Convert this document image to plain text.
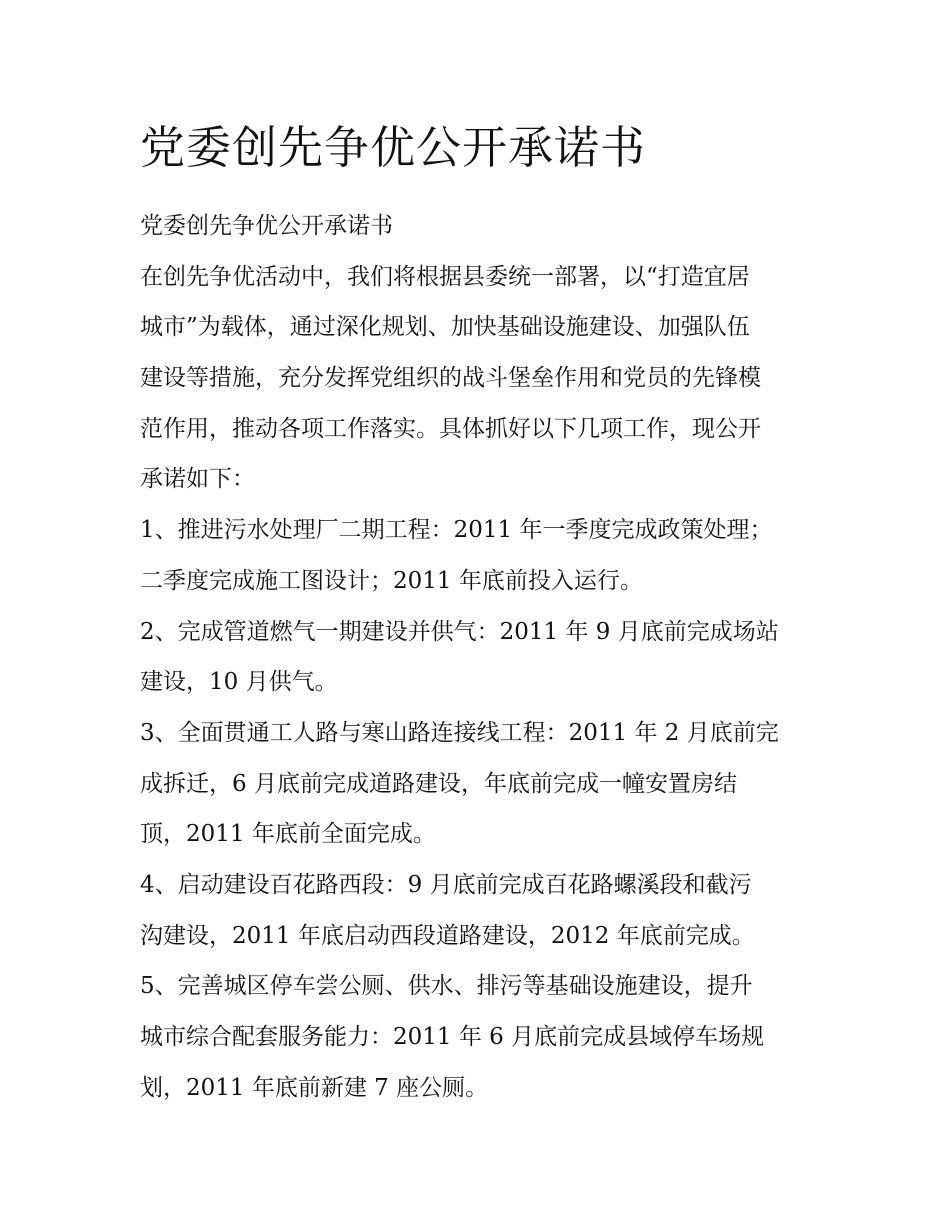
党委创先争优公开承诺书

党委创先争优公开承诺书

在创先争优活动中，我们将根据县委统一部署，以“打造宜居

城市”为载体，通过深化规划、加快基础设施建设、加强队伍

建设等措施，充分发挥党组织的战斗堡垒作用和党员的先锋模

范作用，推动各项工作落实。具体抓好以下几项工作，现公开

承诺如下：

1、推进污水处理厂二期工程：2011 年一季度完成政策处理；

二季度完成施工图设计；2011 年底前投入运行。

2、完成管道燃气一期建设并供气：2011 年 9 月底前完成场站

建设，10 月供气。

3、全面贯通工人路与寒山路连接线工程：2011 年 2 月底前完

成拆迁，6 月底前完成道路建设，年底前完成一幢安置房结

顶，2011 年底前全面完成。

4、启动建设百花路西段：9 月底前完成百花路螺溪段和截污

沟建设，2011 年底启动西段道路建设，2012 年底前完成。

5、完善城区停车尝公厕、供水、排污等基础设施建设，提升

城市综合配套服务能力：2011 年 6 月底前完成县域停车场规

划，2011 年底前新建 7 座公厕。
